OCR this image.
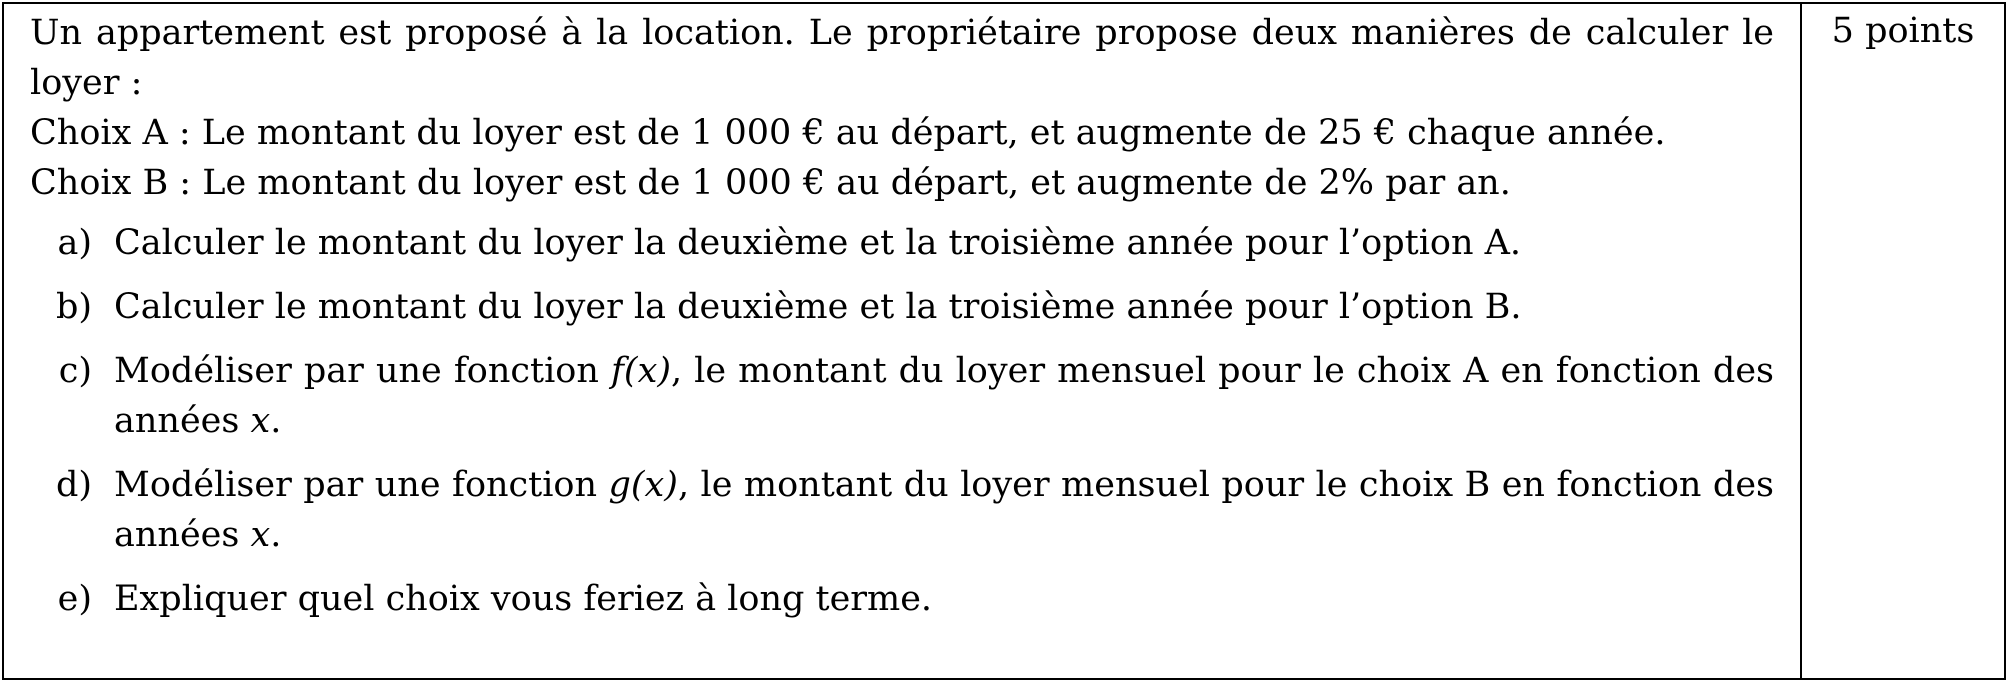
Un appartement est proposé à la location. Le propriétaire propose deux manières de calculer le loyer :

Choix A : Le montant du loyer est de 1 000 € au départ, et augmente de 25 € chaque année.

Choix B : Le montant du loyer est de 1 000 € au départ, et augmente de 2% par an.

a) Calculer le montant du loyer la deuxième et la troisième année pour l’option A.
b) Calculer le montant du loyer la deuxième et la troisième année pour l’option B.
c) Modéliser par une fonction f(x), le montant du loyer mensuel pour le choix A en fonction des années x.
d) Modéliser par une fonction g(x), le montant du loyer mensuel pour le choix B en fonction des années x.
e) Expliquer quel choix vous feriez à long terme.
5 points
